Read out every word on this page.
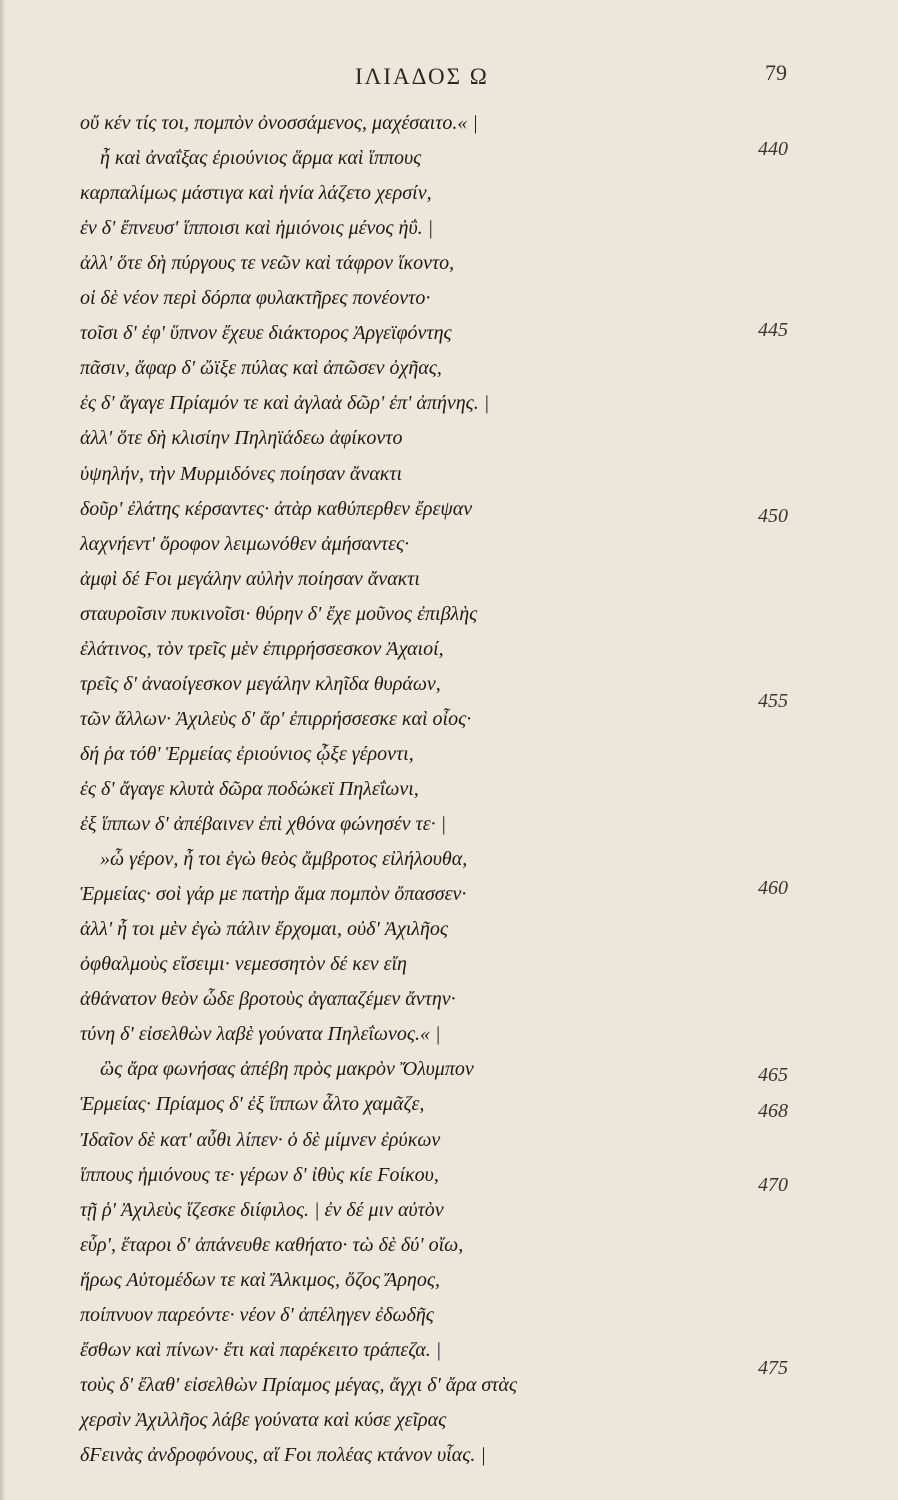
ΙΛΙΑΔΟΣ Ω	79
οὔ κέν τίς τοι, πομπὸν ὀνοσσάμενος, μαχέσαιτο.« |
ἦ καὶ ἀναΐξας ἐριούνιος ἅρμα καὶ ἵππους
καρπαλίμως μάστιγα καὶ ἡνία λάζετο χερσίν,
ἐν δ' ἔπνευσ' ἵπποισι καὶ ἡμιόνοις μένος ἠΰ. |
ἀλλ' ὅτε δὴ πύργους τε νεῶν καὶ τάφρον ἵκοντο,
οἱ δὲ νέον περὶ δόρπα φυλακτῆρες πονέοντο·
τοῖσι δ' ἐφ' ὕπνον ἔχευε διάκτορος Ἀργεϊφόντης
πᾶσιν, ἄφαρ δ' ὤϊξε πύλας καὶ ἀπῶσεν ὀχῆας,
ἐς δ' ἄγαγε Πρίαμόν τε καὶ ἀγλαὰ δῶρ' ἐπ' ἀπήνης. |
ἀλλ' ὅτε δὴ κλισίην Πηληϊάδεω ἀφίκοντο
ὑψηλήν, τὴν Μυρμιδόνες ποίησαν ἄνακτι
δοῦρ' ἐλάτης κέρσαντες· ἀτὰρ καθύπερθεν ἔρεψαν
λαχνήεντ' ὄροφον λειμωνόθεν ἀμήσαντες·
ἀμφὶ δέ Ϝοι μεγάλην αὐλὴν ποίησαν ἄνακτι
σταυροῖσιν πυκινοῖσι· θύρην δ' ἔχε μοῦνος ἐπιβλὴς
ἐλάτινος, τὸν τρεῖς μὲν ἐπιρρήσσεσκον Ἀχαιοί,
τρεῖς δ' ἀναοίγεσκον μεγάλην κληῖδα θυράων,
τῶν ἄλλων· Ἀχιλεὺς δ' ἄρ' ἐπιρρήσσεσκε καὶ οἶος·
δή ῥα τόθ' Ἑρμείας ἐριούνιος ᾦξε γέροντι,
ἐς δ' ἄγαγε κλυτὰ δῶρα ποδώκεϊ Πηλεΐωνι,
ἐξ ἵππων δ' ἀπέβαινεν ἐπὶ χθόνα φώνησέν τε· |
»ὦ γέρον, ἦ τοι ἐγὼ θεὸς ἄμβροτος εἰλήλουθα,
Ἑρμείας· σοὶ γάρ με πατὴρ ἅμα πομπὸν ὄπασσεν·
ἀλλ' ἦ τοι μὲν ἐγὼ πάλιν ἔρχομαι, οὐδ' Ἀχιλῆος
ὀφθαλμοὺς εἴσειμι· νεμεσσητὸν δέ κεν εἴη
ἀθάνατον θεὸν ὧδε βροτοὺς ἀγαπαζέμεν ἄντην·
τύνη δ' εἰσελθὼν λαβὲ γούνατα Πηλεΐωνος.« |
ὣς ἄρα φωνήσας ἀπέβη πρὸς μακρὸν Ὄλυμπον
Ἑρμείας· Πρίαμος δ' ἐξ ἵππων ἆλτο χαμᾶζε,
Ἰδαῖον δὲ κατ' αὖθι λίπεν· ὁ δὲ μίμνεν ἐρύκων
ἵππους ἡμιόνους τε· γέρων δ' ἰθὺς κίε Ϝοίκου,
τῇ ῥ' Ἀχιλεὺς ἵζεσκε διίφιλος. | ἐν δέ μιν αὐτὸν
εὗρ', ἕταροι δ' ἀπάνευθε καθήατο· τὼ δὲ δύ' οἴω,
ἥρως Αὐτομέδων τε καὶ Ἄλκιμος, ὄζος Ἄρηος,
ποίπνυον παρεόντε· νέον δ' ἀπέληγεν ἐδωδῆς
ἔσθων καὶ πίνων· ἔτι καὶ παρέκειτο τράπεζα. |
τοὺς δ' ἔλαθ' εἰσελθὼν Πρίαμος μέγας, ἄγχι δ' ἄρα στὰς
χερσὶν Ἀχιλλῆος λάβε γούνατα καὶ κύσε χεῖρας
δϜεινὰς ἀνδροφόνους, αἵ Ϝοι πολέας κτάνον υἷας. |
440
445
450
455
460
465
468
470
475
